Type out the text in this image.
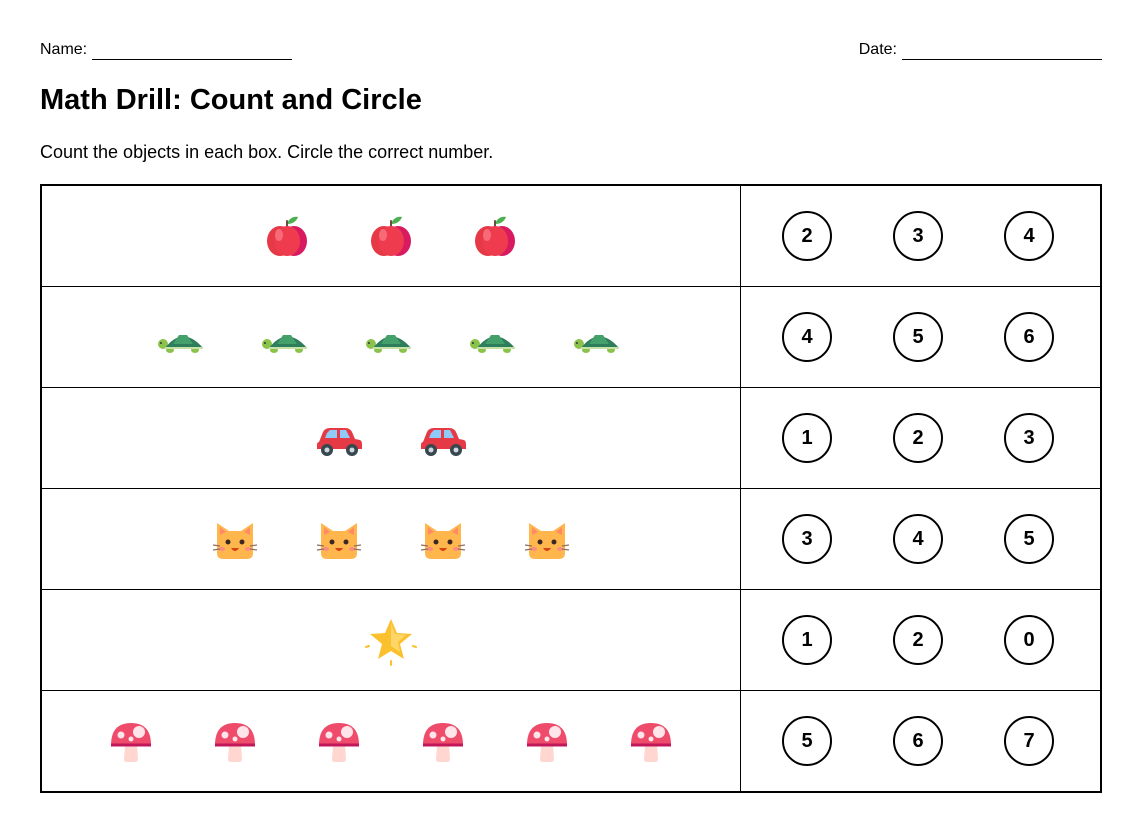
Name:	Date:
Math Drill: Count and Circle

Count the objects in each box. Circle the correct number.

2	3	4
4	5	6
1	2	3
3	4	5
1	2	0
5	6	7
